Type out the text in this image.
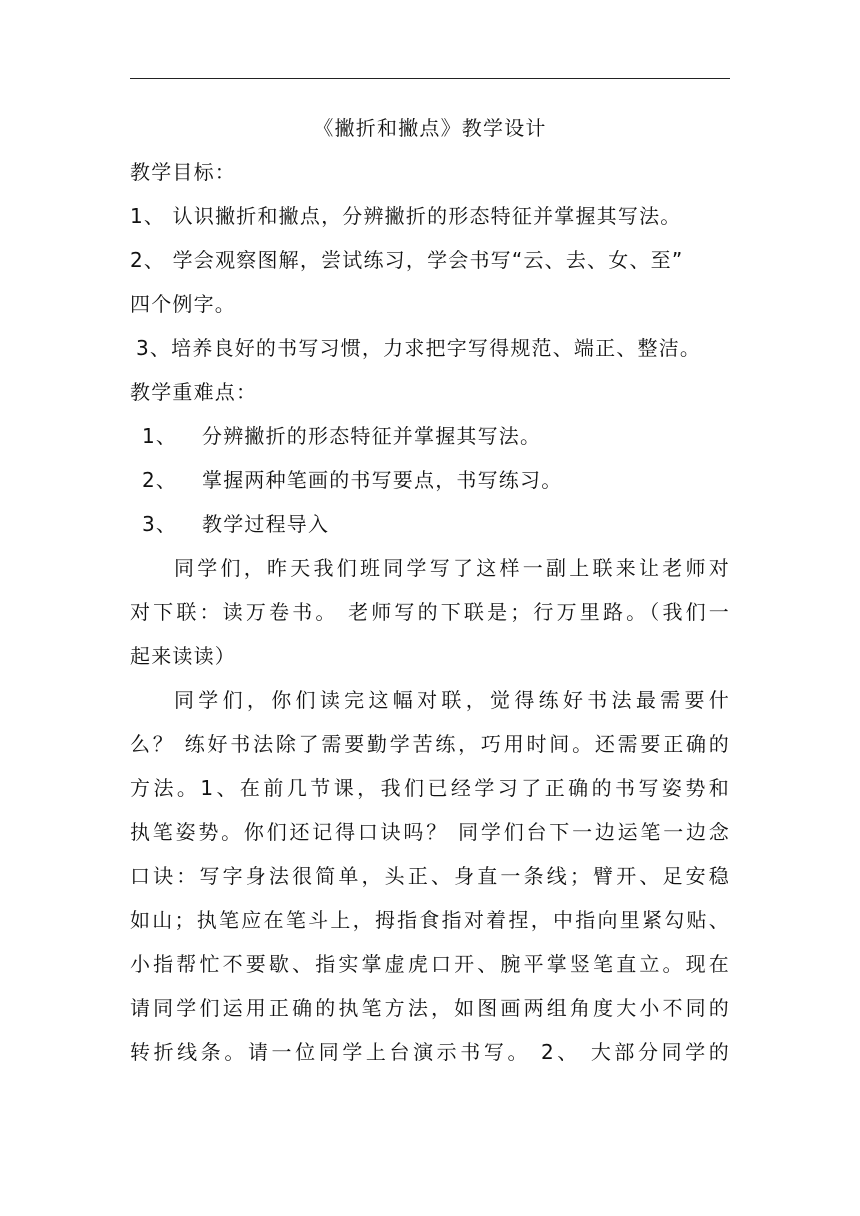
《撇折和撇点》教学设计
教学目标：
1、 认识撇折和撇点，分辨撇折的形态特征并掌握其写法。
2、 学会观察图解，尝试练习，学会书写“云、去、女、至”
四个例字。
3、培养良好的书写习惯，力求把字写得规范、端正、整洁。
教学重难点：
1、 分辨撇折的形态特征并掌握其写法。
2、 掌握两种笔画的书写要点，书写练习。
3、 教学过程导入
同学们，昨天我们班同学写了这样一副上联来让老师对
对下联：读万卷书。 老师写的下联是；行万里路。（我们一
起来读读）
同学们，你们读完这幅对联，觉得练好书法最需要什
么？ 练好书法除了需要勤学苦练，巧用时间。还需要正确的
方法。1、在前几节课，我们已经学习了正确的书写姿势和
执笔姿势。你们还记得口诀吗？ 同学们台下一边运笔一边念
口诀：写字身法很简单，头正、身直一条线；臂开、足安稳
如山；执笔应在笔斗上，拇指食指对着捏，中指向里紧勾贴、
小指帮忙不要歇、指实掌虚虎口开、腕平掌竖笔直立。现在
请同学们运用正确的执笔方法，如图画两组角度大小不同的
转折线条。请一位同学上台演示书写。 2、 大部分同学的
